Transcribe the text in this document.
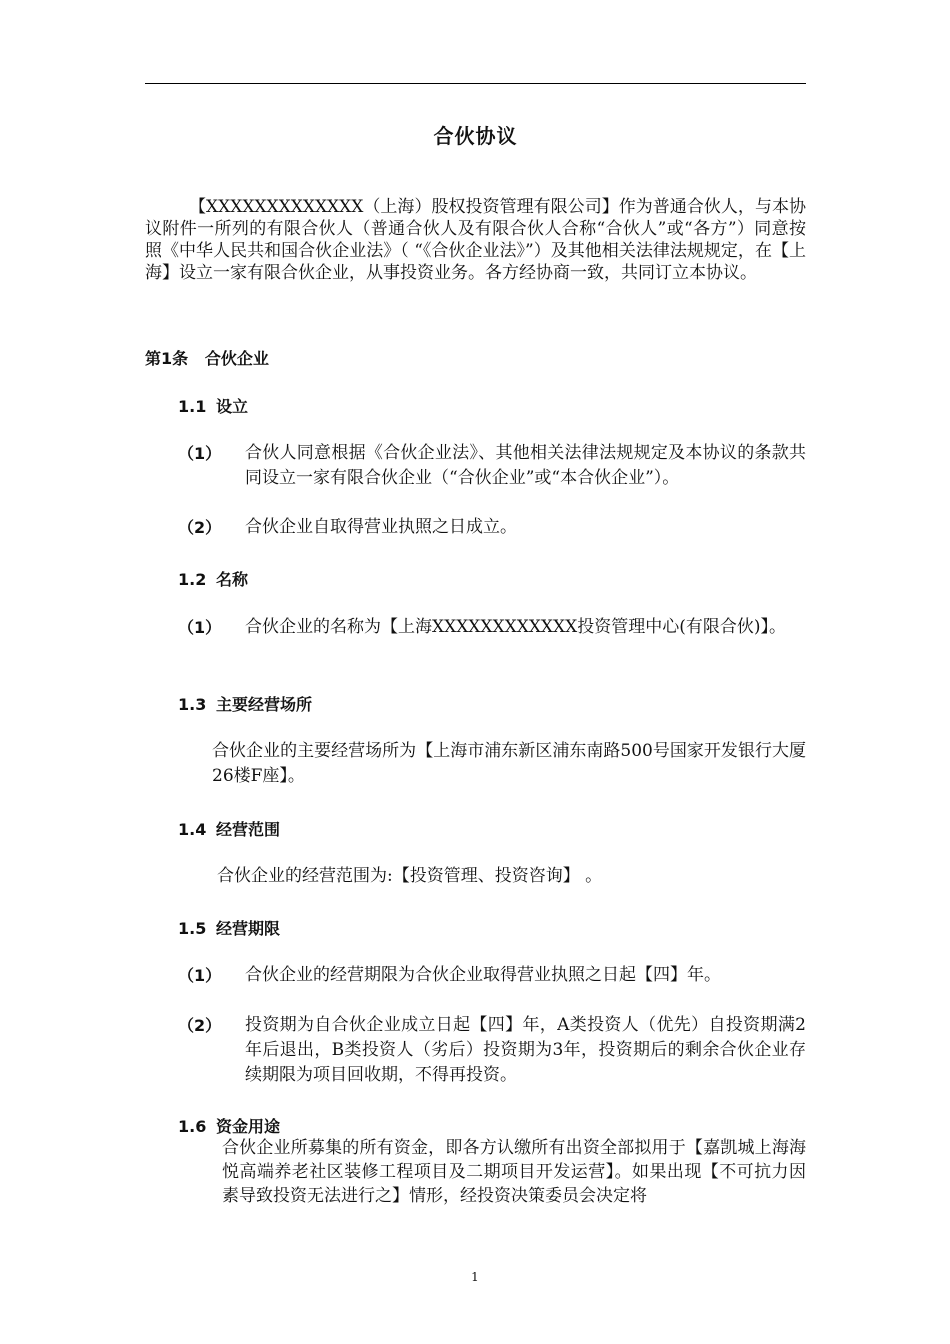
合伙协议
【XXXXXXXXXXXXX（上海）股权投资管理有限公司】作为普通合伙人，与本协议附件一所列的有限合伙人（普通合伙人及有限合伙人合称“合伙人”或“各方”）同意按照《中华人民共和国合伙企业法》（ “《合伙企业法》”）及其他相关法律法规规定，在【上海】设立一家有限合伙企业，从事投资业务。各方经协商一致，共同订立本协议。
第1条 合伙企业
1.1 设立
（1） 合伙人同意根据《合伙企业法》、其他相关法律法规规定及本协议的条款共同设立一家有限合伙企业（“合伙企业”或“本合伙企业”）。
（2） 合伙企业自取得营业执照之日成立。
1.2 名称
（1） 合伙企业的名称为【上海XXXXXXXXXXXX投资管理中心(有限合伙)】。
1.3 主要经营场所
合伙企业的主要经营场所为【上海市浦东新区浦东南路500号国家开发银行大厦26楼F座】。
1.4 经营范围
合伙企业的经营范围为:【投资管理、投资咨询】 。
1.5 经营期限
（1） 合伙企业的经营期限为合伙企业取得营业执照之日起【四】年。
（2） 投资期为自合伙企业成立日起【四】年，A类投资人（优先）自投资期满2年后退出，B类投资人（劣后）投资期为3年，投资期后的剩余合伙企业存续期限为项目回收期，不得再投资。
1.6 资金用途
合伙企业所募集的所有资金，即各方认缴所有出资全部拟用于【嘉凯城上海海悦高端养老社区装修工程项目及二期项目开发运营】。如果出现【不可抗力因素导致投资无法进行之】情形，经投资决策委员会决定将
1
